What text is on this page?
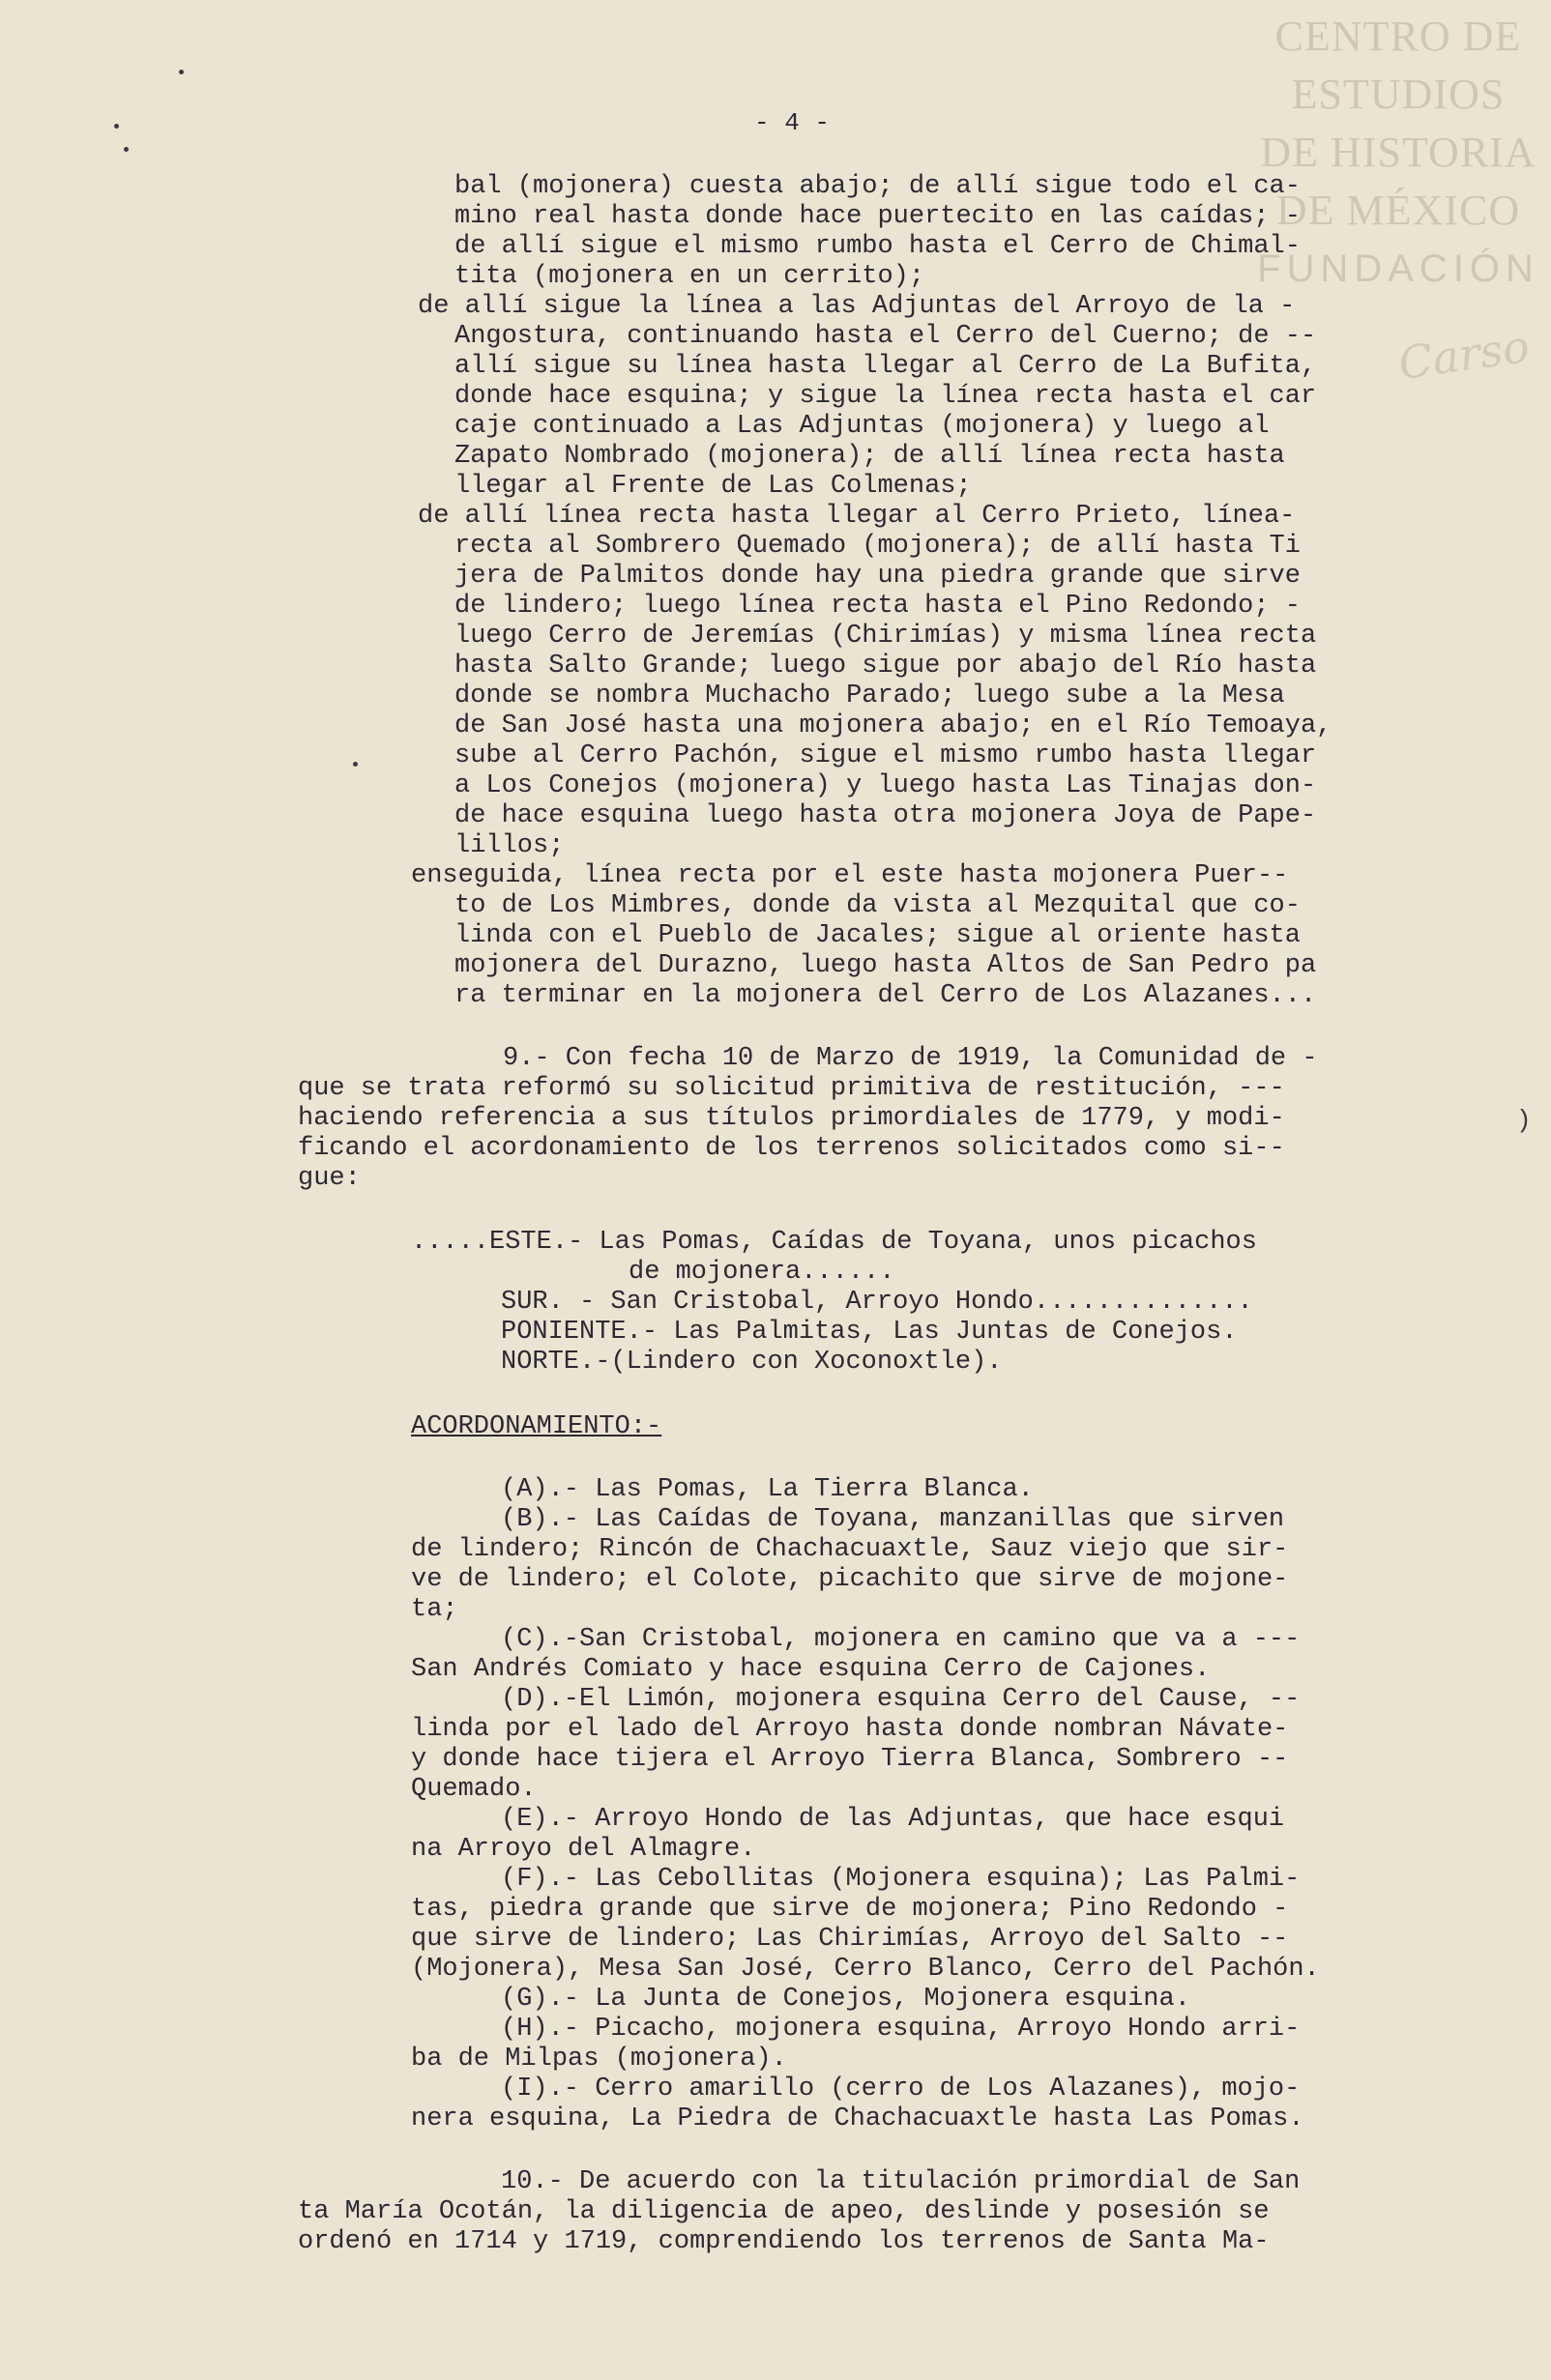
CENTRO DE
ESTUDIOS
DE HISTORIA
DE MÉXICO
FUNDACIÓN
Carso
- 4 -
bal (mojonera) cuesta abajo; de allí sigue todo el ca-
mino real hasta donde hace puertecito en las caídas; -
de allí sigue el mismo rumbo hasta el Cerro de Chimal-
tita (mojonera en un cerrito);
de allí sigue la línea a las Adjuntas del Arroyo de la -
Angostura, continuando hasta el Cerro del Cuerno; de --
allí sigue su línea hasta llegar al Cerro de La Bufita,
donde hace esquina; y sigue la línea recta hasta el car
caje continuado a Las Adjuntas (mojonera) y luego al
Zapato Nombrado (mojonera); de allí línea recta hasta
llegar al Frente de Las Colmenas;
de allí línea recta hasta llegar al Cerro Prieto, línea-
recta al Sombrero Quemado (mojonera); de allí hasta Ti
jera de Palmitos donde hay una piedra grande que sirve
de lindero; luego línea recta hasta el Pino Redondo; -
luego Cerro de Jeremías (Chirimías) y misma línea recta
hasta Salto Grande; luego sigue por abajo del Río hasta
donde se nombra Muchacho Parado; luego sube a la Mesa
de San José hasta una mojonera abajo; en el Río Temoaya,
sube al Cerro Pachón, sigue el mismo rumbo hasta llegar
a Los Conejos (mojonera) y luego hasta Las Tinajas don-
de hace esquina luego hasta otra mojonera Joya de Pape-
lillos;
enseguida, línea recta por el este hasta mojonera Puer--
to de Los Mimbres, donde da vista al Mezquital que co-
linda con el Pueblo de Jacales; sigue al oriente hasta
mojonera del Durazno, luego hasta Altos de San Pedro pa
ra terminar en la mojonera del Cerro de Los Alazanes...
9.- Con fecha 10 de Marzo de 1919, la Comunidad de -
que se trata reformó su solicitud primitiva de restitución, ---
haciendo referencia a sus títulos primordiales de 1779, y modi-
ficando el acordonamiento de los terrenos solicitados como si--
gue:
)
.....ESTE.- Las Pomas, Caídas de Toyana, unos picachos
de mojonera......
SUR. - San Cristobal, Arroyo Hondo..............
PONIENTE.- Las Palmitas, Las Juntas de Conejos.
NORTE.-(Lindero con Xoconoxtle).
ACORDONAMIENTO:-
(A).- Las Pomas, La Tierra Blanca.
(B).- Las Caídas de Toyana, manzanillas que sirven
de lindero; Rincón de Chachacuaxtle, Sauz viejo que sir-
ve de lindero; el Colote, picachito que sirve de mojone-
ta;
(C).-San Cristobal, mojonera en camino que va a ---
San Andrés Comiato y hace esquina Cerro de Cajones.
(D).-El Limón, mojonera esquina Cerro del Cause, --
linda por el lado del Arroyo hasta donde nombran Návate-
y donde hace tijera el Arroyo Tierra Blanca, Sombrero --
Quemado.
(E).- Arroyo Hondo de las Adjuntas, que hace esqui
na Arroyo del Almagre.
(F).- Las Cebollitas (Mojonera esquina); Las Palmi-
tas, piedra grande que sirve de mojonera; Pino Redondo -
que sirve de lindero; Las Chirimías, Arroyo del Salto --
(Mojonera), Mesa San José, Cerro Blanco, Cerro del Pachón.
(G).- La Junta de Conejos, Mojonera esquina.
(H).- Picacho, mojonera esquina, Arroyo Hondo arri-
ba de Milpas (mojonera).
(I).- Cerro amarillo (cerro de Los Alazanes), mojo-
nera esquina, La Piedra de Chachacuaxtle hasta Las Pomas.
10.- De acuerdo con la titulación primordial de San
ta María Ocotán, la diligencia de apeo, deslinde y posesión se
ordenó en 1714 y 1719, comprendiendo los terrenos de Santa Ma-
